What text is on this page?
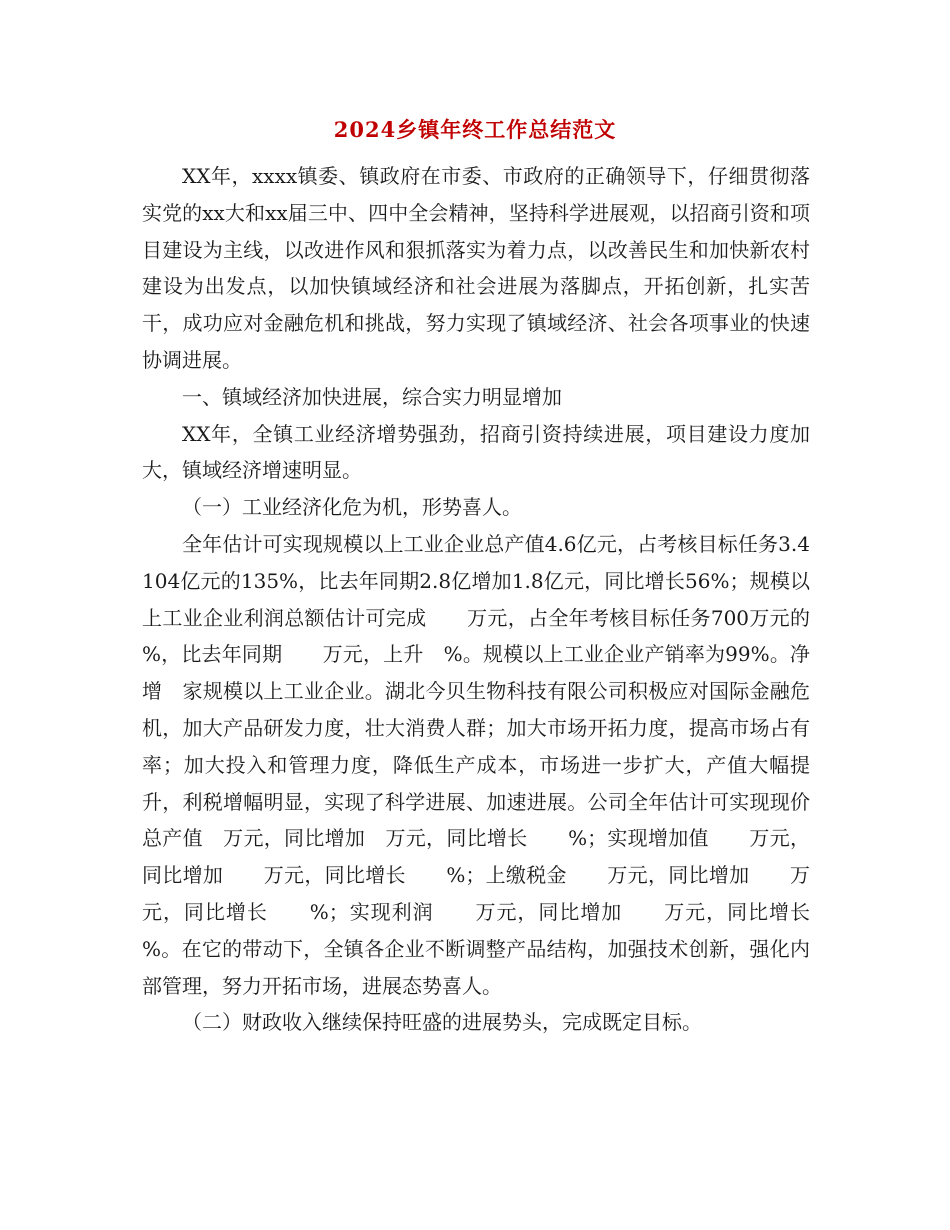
2024乡镇年终工作总结范文

XX年，xxxx镇委、镇政府在市委、市政府的正确领导下，仔细贯彻落实党的xx大和xx届三中、四中全会精神，坚持科学进展观，以招商引资和项目建设为主线，以改进作风和狠抓落实为着力点，以改善民生和加快新农村建设为出发点，以加快镇域经济和社会进展为落脚点，开拓创新，扎实苦干，成功应对金融危机和挑战，努力实现了镇域经济、社会各项事业的快速协调进展。

一、镇域经济加快进展，综合实力明显增加

XX年，全镇工业经济增势强劲，招商引资持续进展，项目建设力度加大，镇域经济增速明显。

（一）工业经济化危为机，形势喜人。

全年估计可实现规模以上工业企业总产值4.6亿元，占考核目标任务3.4104亿元的135%，比去年同期2.8亿增加1.8亿元，同比增长56%；规模以上工业企业利润总额估计可完成　　万元，占全年考核目标任务700万元的　%，比去年同期　　万元，上升　%。规模以上工业企业产销率为99%。净增　家规模以上工业企业。湖北今贝生物科技有限公司积极应对国际金融危机，加大产品研发力度，壮大消费人群；加大市场开拓力度，提高市场占有率；加大投入和管理力度，降低生产成本，市场进一步扩大，产值大幅提升，利税增幅明显，实现了科学进展、加速进展。公司全年估计可实现现价总产值　万元，同比增加　万元，同比增长　　%；实现增加值　　万元，同比增加　　万元，同比增长　　%；上缴税金　　万元，同比增加　　万元，同比增长　　%；实现利润　　万元，同比增加　　万元，同比增长　　%。在它的带动下，全镇各企业不断调整产品结构，加强技术创新，强化内部管理，努力开拓市场，进展态势喜人。

（二）财政收入继续保持旺盛的进展势头，完成既定目标。
